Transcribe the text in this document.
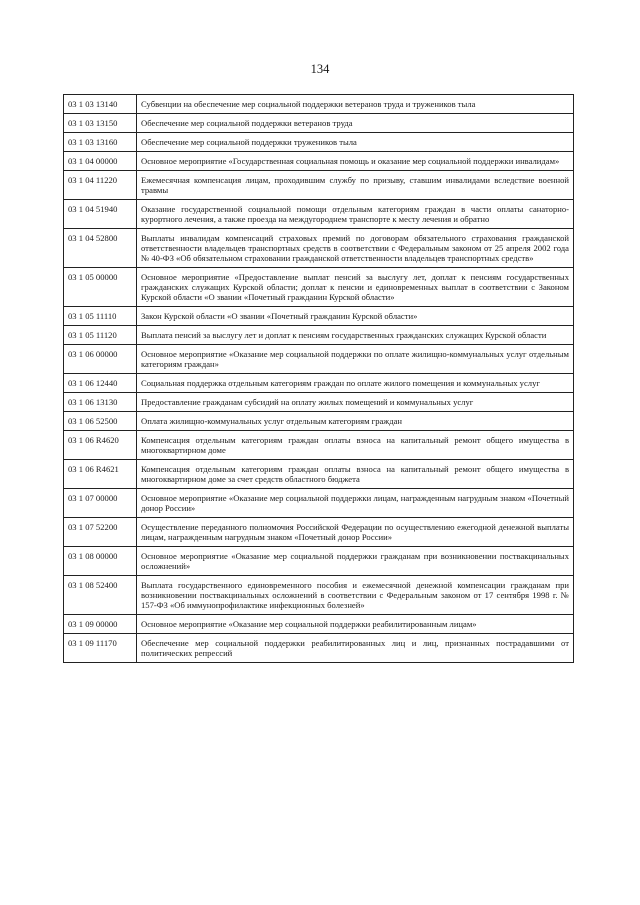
134
03 1 03 13140	Субвенции на обеспечение мер социальной поддержки ветеранов труда и тружеников тыла
03 1 03 13150	Обеспечение мер социальной поддержки ветеранов труда
03 1 03 13160	Обеспечение мер социальной поддержки тружеников тыла
03 1 04 00000	Основное мероприятие «Государственная социальная помощь и оказание мер социальной поддержки инвалидам»
03 1 04 11220	Ежемесячная компенсация лицам, проходившим службу по призыву, ставшим инвалидами вследствие военной травмы
03 1 04 51940	Оказание государственной социальной помощи отдельным категориям граждан в части оплаты санаторно-курортного лечения, а также проезда на междугороднем транспорте к месту лечения и обратно
03 1 04 52800	Выплаты инвалидам компенсаций страховых премий по договорам обязательного страхования гражданской ответственности владельцев транспортных средств в соответствии с Федеральным законом от 25 апреля 2002 года № 40-ФЗ «Об обязательном страховании гражданской ответственности владельцев транспортных средств»
03 1 05 00000	Основное мероприятие «Предоставление выплат пенсий за выслугу лет, доплат к пенсиям государственных гражданских служащих Курской области; доплат к пенсии и единовременных выплат в соответствии с Законом Курской области «О звании «Почетный гражданин Курской области»
03 1 05 11110	Закон Курской области «О звании «Почетный гражданин Курской области»
03 1 05 11120	Выплата пенсий за выслугу лет и доплат к пенсиям государственных гражданских служащих Курской области
03 1 06 00000	Основное мероприятие «Оказание мер социальной поддержки по оплате жилищно-коммунальных услуг отдельным категориям граждан»
03 1 06 12440	Социальная поддержка отдельным категориям граждан по оплате жилого помещения и коммунальных услуг
03 1 06 13130	Предоставление гражданам субсидий на оплату жилых помещений и коммунальных услуг
03 1 06 52500	Оплата жилищно-коммунальных услуг отдельным категориям граждан
03 1 06 R4620	Компенсация отдельным категориям граждан оплаты взноса на капитальный ремонт общего имущества в многоквартирном доме
03 1 06 R4621	Компенсация отдельным категориям граждан оплаты взноса на капитальный ремонт общего имущества в многоквартирном доме за счет средств областного бюджета
03 1 07 00000	Основное мероприятие «Оказание мер социальной поддержки лицам, награжденным нагрудным знаком «Почетный донор России»
03 1 07 52200	Осуществление переданного полномочия Российской Федерации по осуществлению ежегодной денежной выплаты лицам, награжденным нагрудным знаком «Почетный донор России»
03 1 08 00000	Основное мероприятие «Оказание мер социальной поддержки гражданам при возникновении поствакцинальных осложнений»
03 1 08 52400	Выплата государственного единовременного пособия и ежемесячной денежной компенсации гражданам при возникновении поствакцинальных осложнений в соответствии с Федеральным законом от 17 сентября 1998 г. № 157-ФЗ «Об иммунопрофилактике инфекционных болезней»
03 1 09 00000	Основное мероприятие «Оказание мер социальной поддержки реабилитированным лицам»
03 1 09 11170	Обеспечение мер социальной поддержки реабилитированных лиц и лиц, признанных пострадавшими от политических репрессий
